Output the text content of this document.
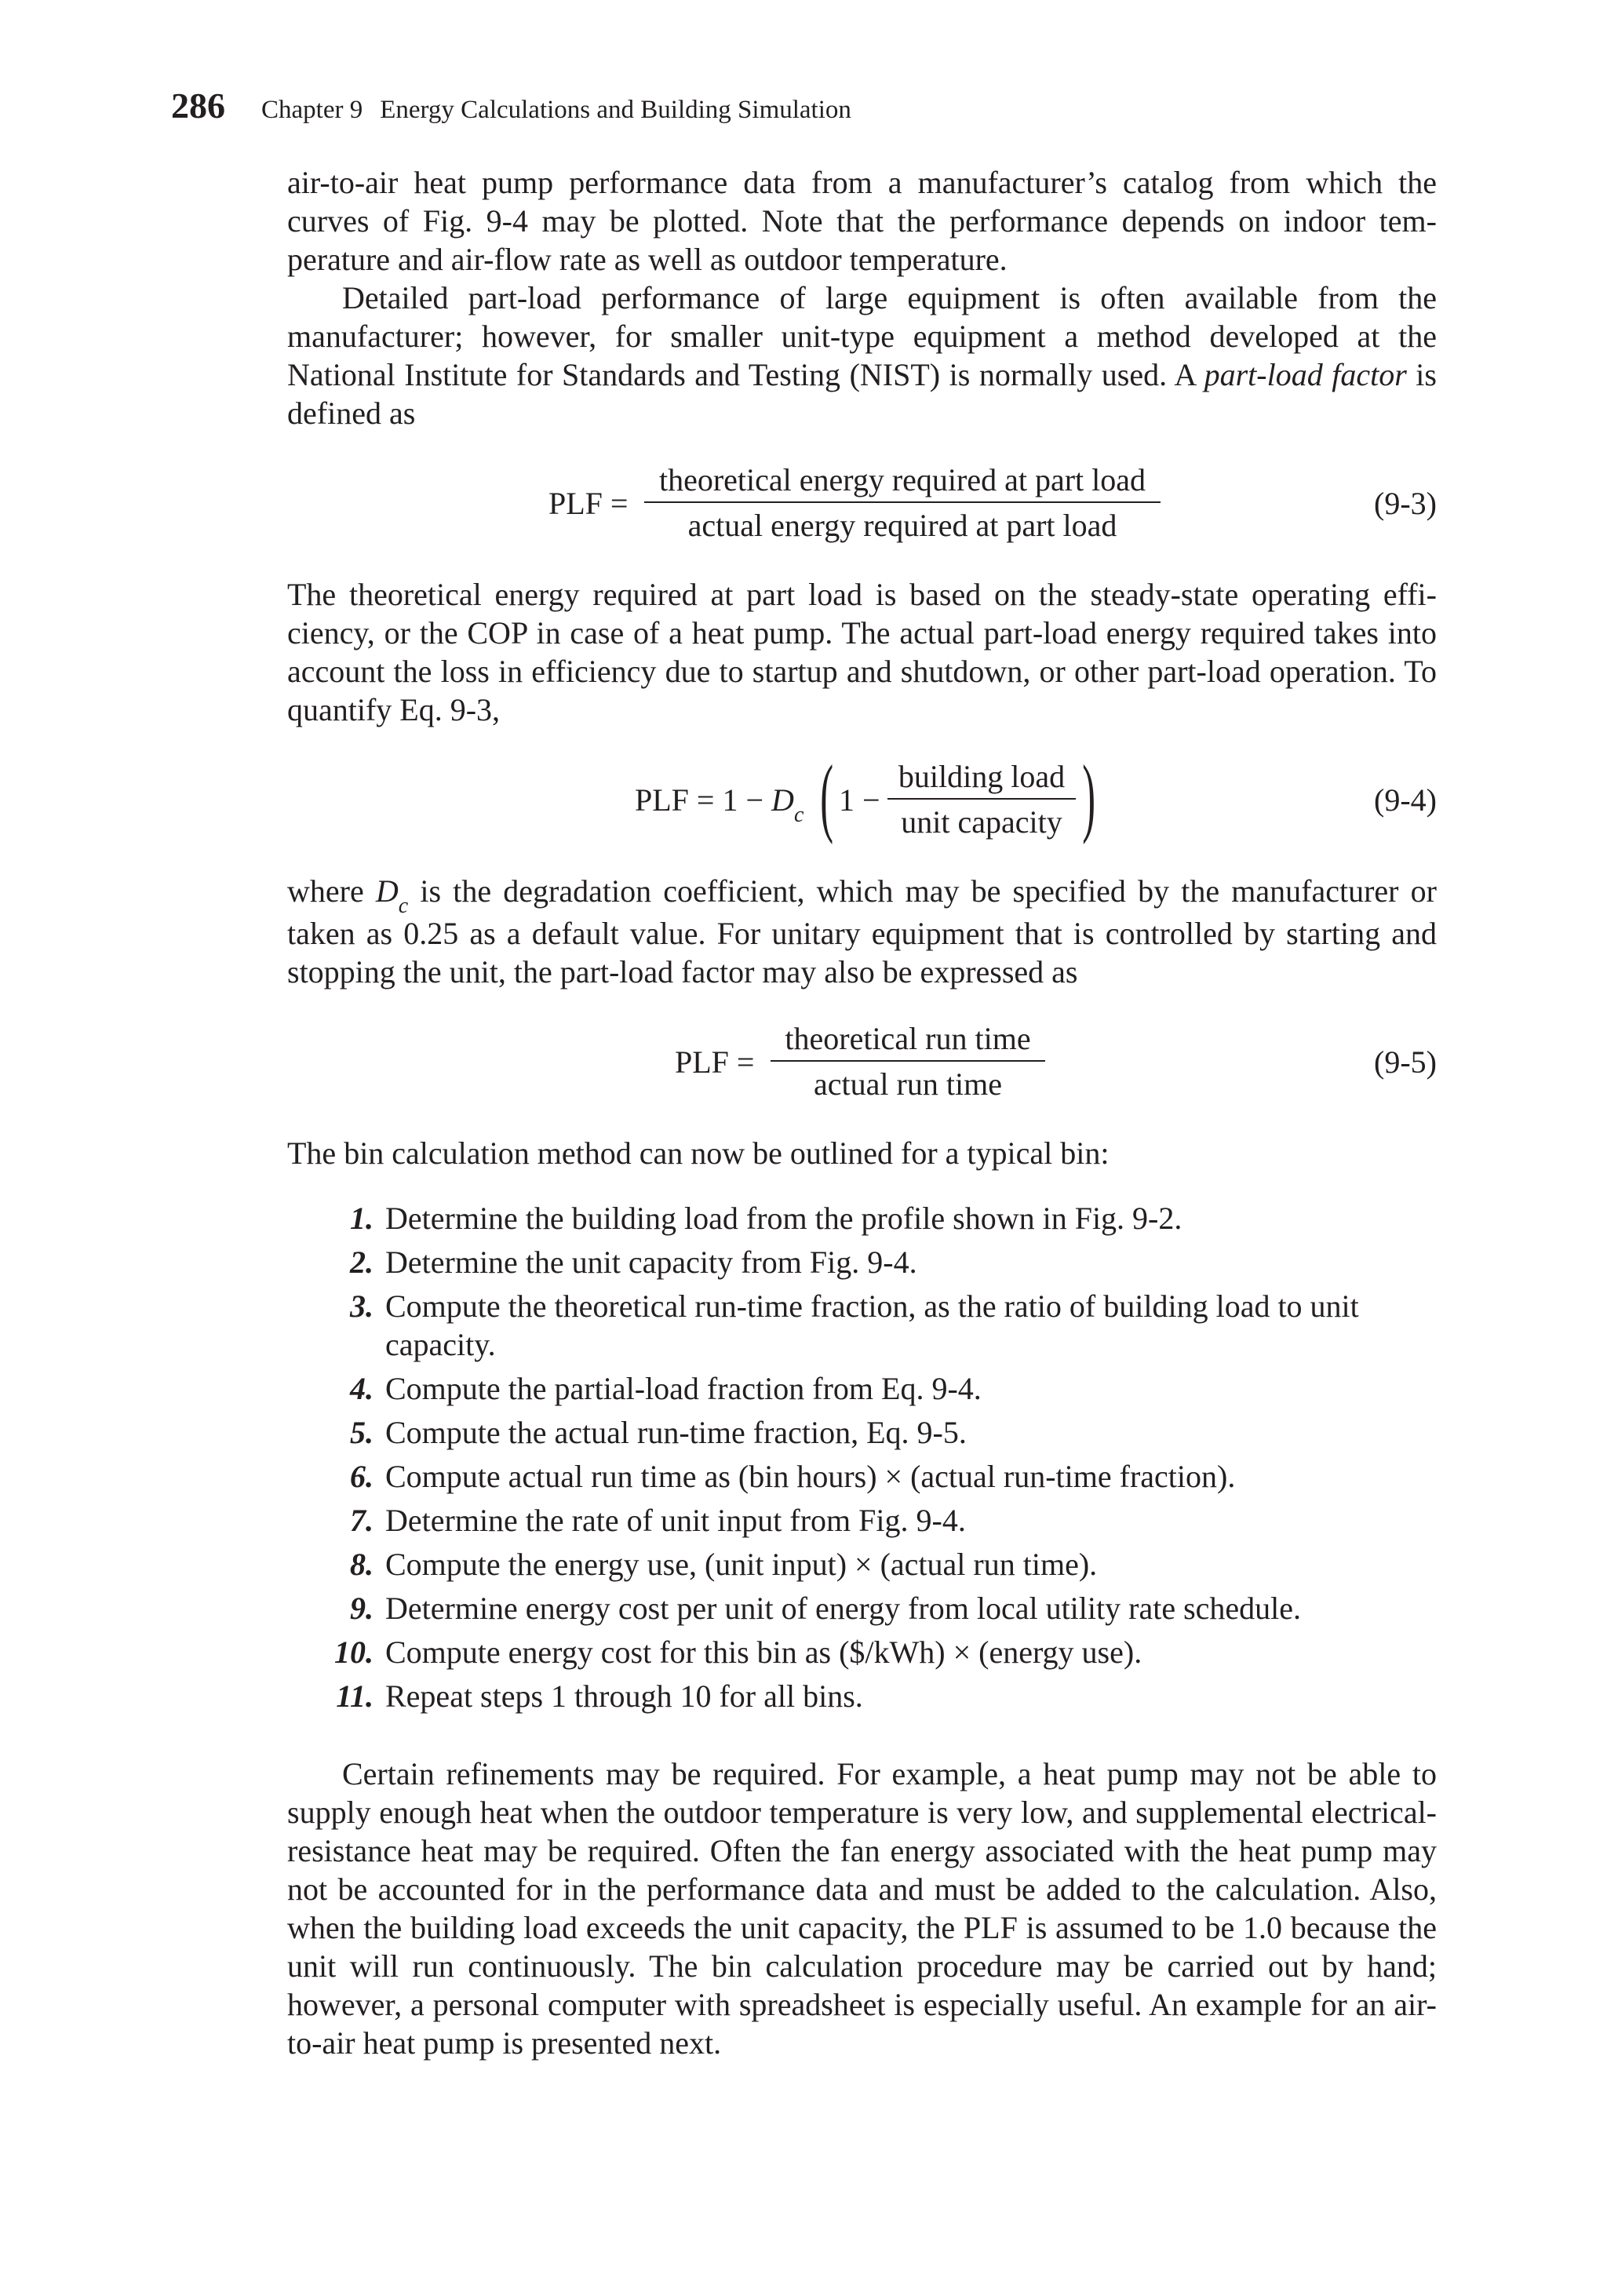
286 Chapter 9 Energy Calculations and Building Simulation

air-to-air heat pump performance data from a manufacturer’s catalog from which the curves of Fig. 9-4 may be plotted. Note that the performance depends on indoor temperature and air-flow rate as well as outdoor temperature.

Detailed part-load performance of large equipment is often available from the manufacturer; however, for smaller unit-type equipment a method developed at the National Institute for Standards and Testing (NIST) is normally used. A part-load factor is defined as

PLF =
theoretical energy required at part load
actual energy required at part load
(9-3)

The theoretical energy required at part load is based on the steady-state operating efficiency, or the COP in case of a heat pump. The actual part-load energy required takes into account the loss in efficiency due to startup and shutdown, or other part-load operation. To quantify Eq. 9-3,

PLF = $1 - D_c$ ( 1 −
building load
unit capacity )	(9-4)

where $D_c$ is the degradation coefficient, which may be specified by the manufacturer or taken as 0.25 as a default value. For unitary equipment that is controlled by starting and stopping the unit, the part-load factor may also be expressed as

PLF =
theoretical run time
actual run time
(9-5)

The bin calculation method can now be outlined for a typical bin:

1. Determine the building load from the profile shown in Fig. 9-2.
2. Determine the unit capacity from Fig. 9-4.
3. Compute the theoretical run-time fraction, as the ratio of building load to unit capacity.
4. Compute the partial-load fraction from Eq. 9-4.
5. Compute the actual run-time fraction, Eq. 9-5.
6. Compute actual run time as (bin hours) × (actual run-time fraction).
7. Determine the rate of unit input from Fig. 9-4.
8. Compute the energy use, (unit input) × (actual run time).
9. Determine energy cost per unit of energy from local utility rate schedule.
10. Compute energy cost for this bin as ($/kWh) × (energy use).
11. Repeat steps 1 through 10 for all bins.

Certain refinements may be required. For example, a heat pump may not be able to supply enough heat when the outdoor temperature is very low, and supplemental electrical-resistance heat may be required. Often the fan energy associated with the heat pump may not be accounted for in the performance data and must be added to the calculation. Also, when the building load exceeds the unit capacity, the PLF is assumed to be 1.0 because the unit will run continuously. The bin calculation procedure may be carried out by hand; however, a personal computer with spreadsheet is especially useful. An example for an air-to-air heat pump is presented next.
